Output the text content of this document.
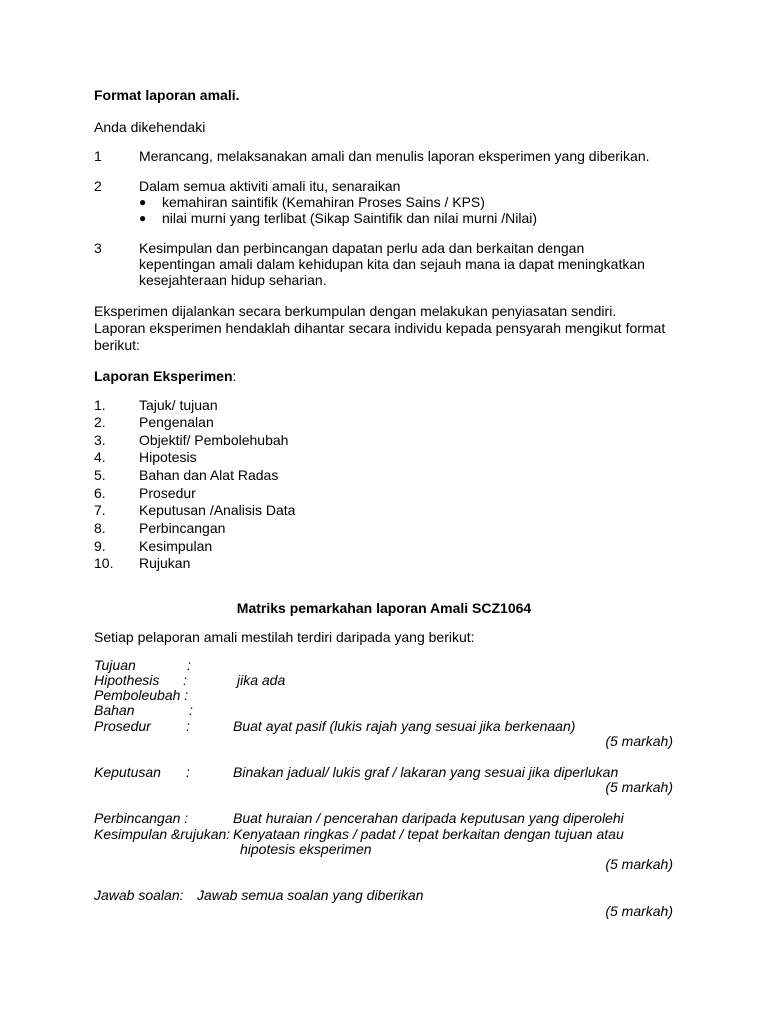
Format laporan amali.
Anda dikehendaki
1	Merancang, melaksanakan amali dan menulis laporan eksperimen yang diberikan.
2	Dalam semua aktiviti amali itu, senaraikan
● kemahiran saintifik (Kemahiran Proses Sains / KPS)
● nilai murni yang terlibat (Sikap Saintifik dan nilai murni /Nilai)
3	Kesimpulan dan perbincangan dapatan perlu ada dan berkaitan dengan
kepentingan amali dalam kehidupan kita dan sejauh mana ia dapat meningkatkan
kesejahteraan hidup seharian.
Eksperimen dijalankan secara berkumpulan dengan melakukan penyiasatan sendiri.
Laporan eksperimen hendaklah dihantar secara individu kepada pensyarah mengikut format
berikut:
Laporan Eksperimen:
1. Tajuk/ tujuan
2. Pengenalan
3. Objektif/ Pembolehubah
4. Hipotesis
5. Bahan dan Alat Radas
6. Prosedur
7. Keputusan /Analisis Data
8. Perbincangan
9. Kesimpulan
10. Rujukan
Matriks pemarkahan laporan Amali SCZ1064
Setiap pelaporan amali mestilah terdiri daripada yang berikut:
Tujuan	:
Hipothesis :	jika ada
Pemboleubah :
Bahan	:
Prosedur	:	Buat ayat pasif (lukis rajah yang sesuai jika berkenaan)
(5 markah)
Keputusan :	Binakan jadual/ lukis graf / lakaran yang sesuai jika diperlukan
(5 markah)
Perbincangan :	Buat huraian / pencerahan daripada keputusan yang diperolehi
Kesimpulan &rujukan: Kenyataan ringkas / padat / tepat berkaitan dengan tujuan atau
hipotesis eksperimen
(5 markah)
Jawab soalan: Jawab semua soalan yang diberikan
(5 markah)
